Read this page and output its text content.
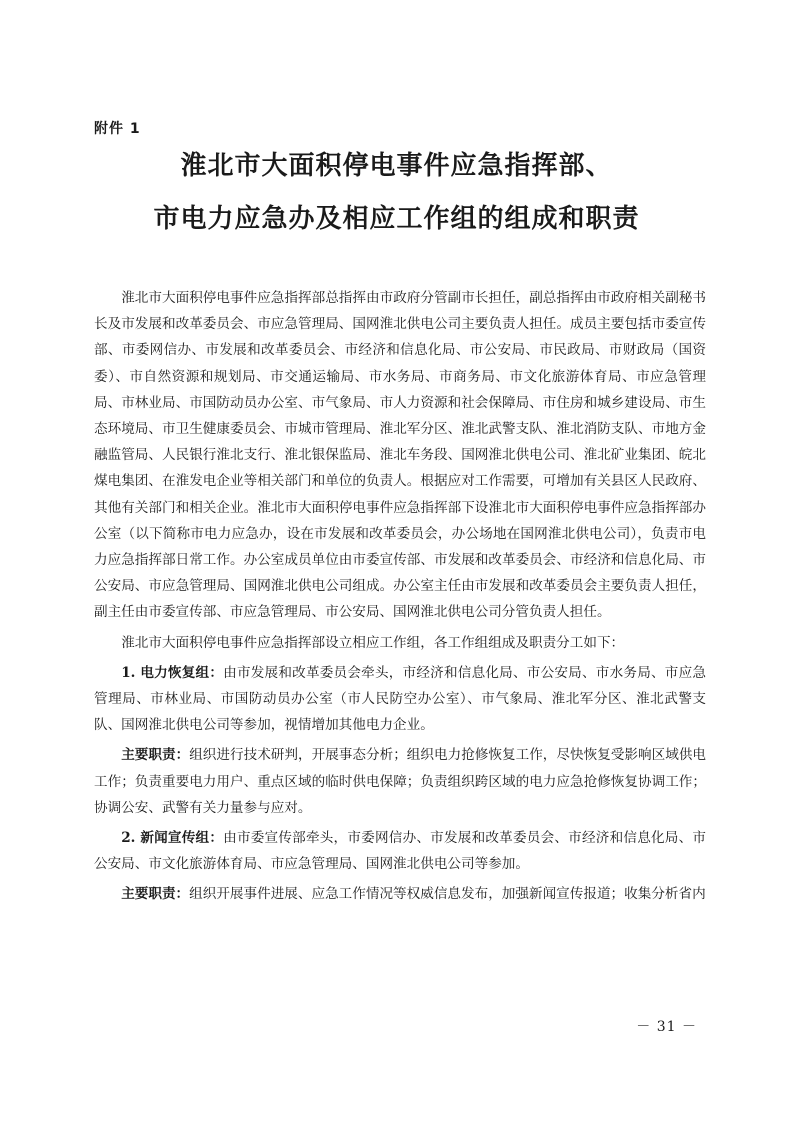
附件 1
淮北市大面积停电事件应急指挥部、
市电力应急办及相应工作组的组成和职责

淮北市大面积停电事件应急指挥部总指挥由市政府分管副市长担任，副总指挥由市政府相关副秘书长及市发展和改革委员会、市应急管理局、国网淮北供电公司主要负责人担任。成员主要包括市委宣传部、市委网信办、市发展和改革委员会、市经济和信息化局、市公安局、市民政局、市财政局（国资委）、市自然资源和规划局、市交通运输局、市水务局、市商务局、市文化旅游体育局、市应急管理局、市林业局、市国防动员办公室、市气象局、市人力资源和社会保障局、市住房和城乡建设局、市生态环境局、市卫生健康委员会、市城市管理局、淮北军分区、淮北武警支队、淮北消防支队、市地方金融监管局、人民银行淮北支行、淮北银保监局、淮北车务段、国网淮北供电公司、淮北矿业集团、皖北煤电集团、在淮发电企业等相关部门和单位的负责人。根据应对工作需要，可增加有关县区人民政府、其他有关部门和相关企业。淮北市大面积停电事件应急指挥部下设淮北市大面积停电事件应急指挥部办公室（以下简称市电力应急办，设在市发展和改革委员会，办公场地在国网淮北供电公司），负责市电力应急指挥部日常工作。办公室成员单位由市委宣传部、市发展和改革委员会、市经济和信息化局、市公安局、市应急管理局、国网淮北供电公司组成。办公室主任由市发展和改革委员会主要负责人担任，副主任由市委宣传部、市应急管理局、市公安局、国网淮北供电公司分管负责人担任。

淮北市大面积停电事件应急指挥部设立相应工作组，各工作组组成及职责分工如下：

1. 电力恢复组：由市发展和改革委员会牵头，市经济和信息化局、市公安局、市水务局、市应急管理局、市林业局、市国防动员办公室（市人民防空办公室）、市气象局、淮北军分区、淮北武警支队、国网淮北供电公司等参加，视情增加其他电力企业。

主要职责：组织进行技术研判，开展事态分析；组织电力抢修恢复工作，尽快恢复受影响区域供电工作；负责重要电力用户、重点区域的临时供电保障；负责组织跨区域的电力应急抢修恢复协调工作；协调公安、武警有关力量参与应对。

2. 新闻宣传组：由市委宣传部牵头，市委网信办、市发展和改革委员会、市经济和信息化局、市公安局、市文化旅游体育局、市应急管理局、国网淮北供电公司等参加。

主要职责：组织开展事件进展、应急工作情况等权威信息发布，加强新闻宣传报道；收集分析省内

－ 31 －
